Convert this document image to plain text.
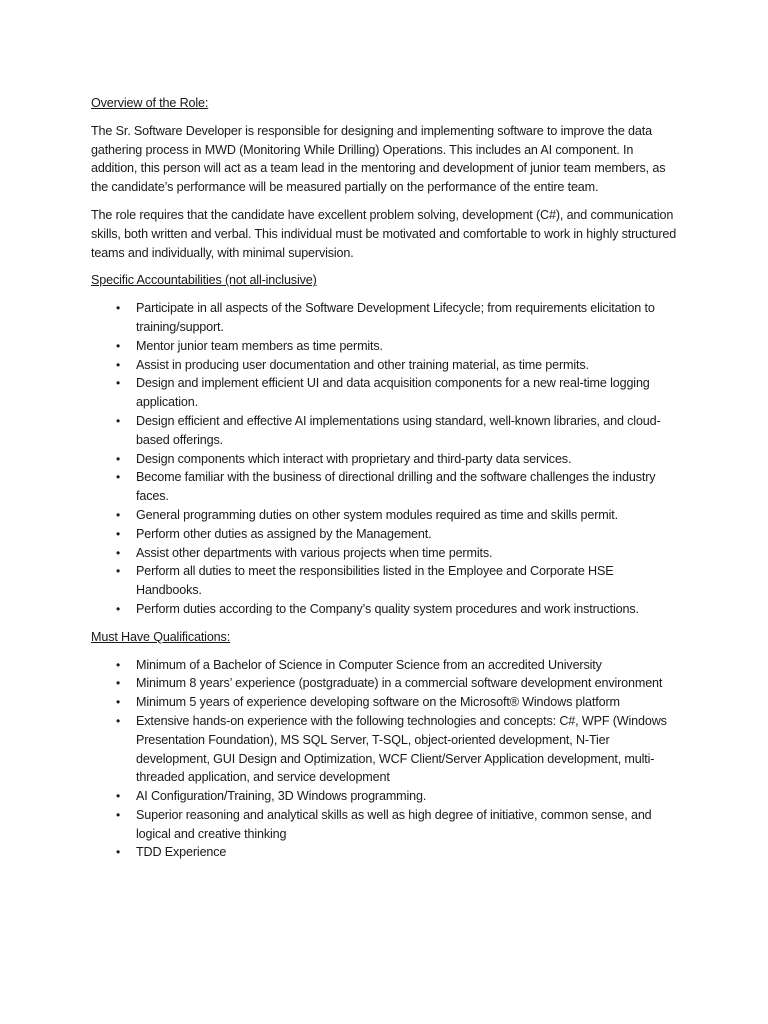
Overview of the Role:

The Sr. Software Developer is responsible for designing and implementing software to improve the data gathering process in MWD (Monitoring While Drilling) Operations. This includes an AI component. In addition, this person will act as a team lead in the mentoring and development of junior team members, as the candidate’s performance will be measured partially on the performance of the entire team.

The role requires that the candidate have excellent problem solving, development (C#), and communication skills, both written and verbal. This individual must be motivated and comfortable to work in highly structured teams and individually, with minimal supervision.

Specific Accountabilities (not all-inclusive)
• Participate in all aspects of the Software Development Lifecycle; from requirements elicitation to training/support.
• Mentor junior team members as time permits.
• Assist in producing user documentation and other training material, as time permits.
• Design and implement efficient UI and data acquisition components for a new real-time logging application.
• Design efficient and effective AI implementations using standard, well-known libraries, and cloud-based offerings.
• Design components which interact with proprietary and third-party data services.
• Become familiar with the business of directional drilling and the software challenges the industry faces.
• General programming duties on other system modules required as time and skills permit.
• Perform other duties as assigned by the Management.
• Assist other departments with various projects when time permits.
• Perform all duties to meet the responsibilities listed in the Employee and Corporate HSE Handbooks.
• Perform duties according to the Company’s quality system procedures and work instructions.
Must Have Qualifications:
• Minimum of a Bachelor of Science in Computer Science from an accredited University
• Minimum 8 years’ experience (postgraduate) in a commercial software development environment
• Minimum 5 years of experience developing software on the Microsoft® Windows platform
• Extensive hands-on experience with the following technologies and concepts: C#, WPF (Windows Presentation Foundation), MS SQL Server, T-SQL, object-oriented development, N-Tier development, GUI Design and Optimization, WCF Client/Server Application development, multi-threaded application, and service development
• AI Configuration/Training, 3D Windows programming.
• Superior reasoning and analytical skills as well as high degree of initiative, common sense, and logical and creative thinking
• TDD Experience
